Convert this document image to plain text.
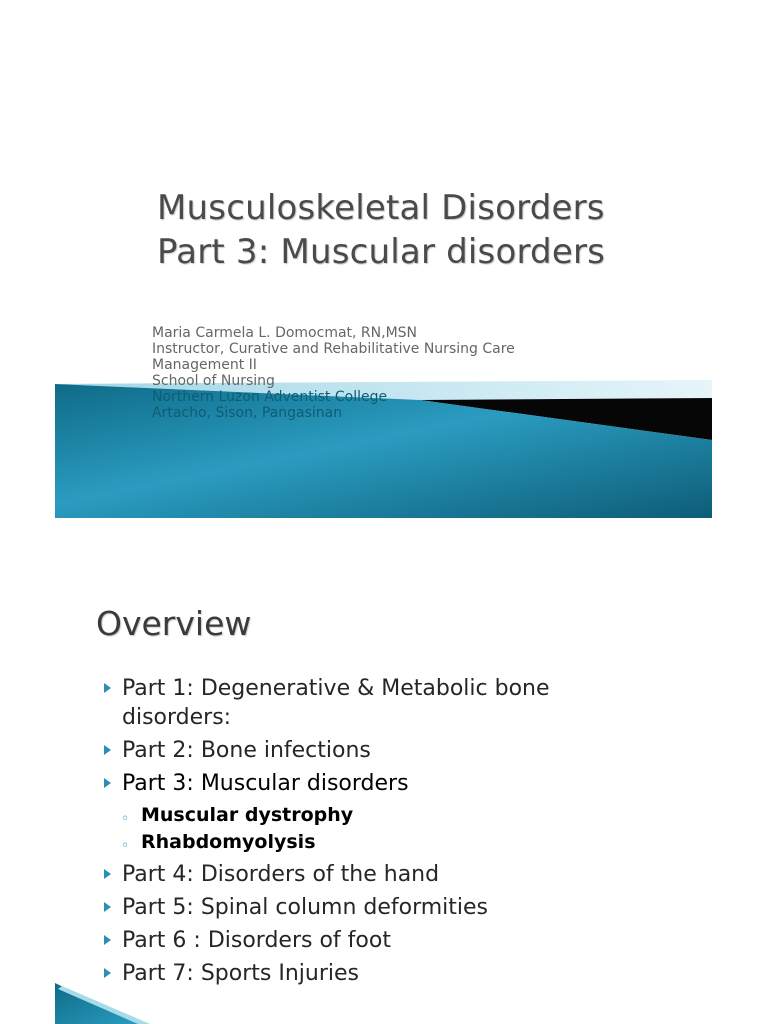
Musculoskeletal Disorders
Part 3: Muscular disorders
Maria Carmela L. Domocmat, RN,MSN
Instructor, Curative and Rehabilitative Nursing Care Management II
School of Nursing
Northern Luzon Adventist College
Artacho, Sison, Pangasinan
Overview
Part 1: Degenerative & Metabolic bone disorders:
Part 2: Bone infections
Part 3: Muscular disorders
◦ Muscular dystrophy
◦ Rhabdomyolysis
Part 4: Disorders of the hand
Part 5: Spinal column deformities
Part 6 : Disorders of foot
Part 7: Sports Injuries
